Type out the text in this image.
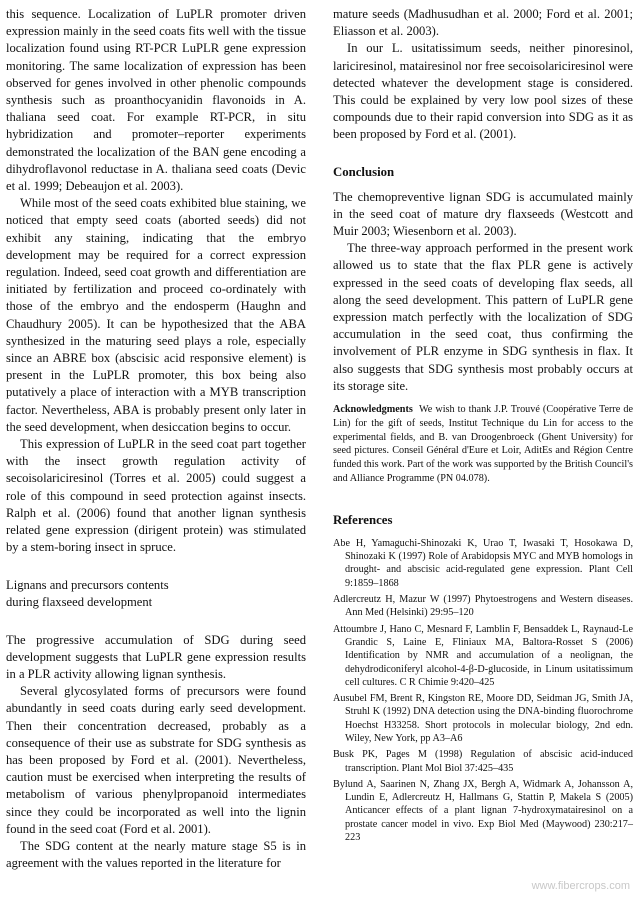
this sequence. Localization of LuPLR promoter driven expression mainly in the seed coats fits well with the tissue localization found using RT-PCR LuPLR gene expression monitoring. The same localization of expression has been observed for genes involved in other phenolic compounds synthesis such as proanthocyanidin flavonoids in A. thaliana seed coat. For example RT-PCR, in situ hybridization and promoter–reporter experiments demonstrated the localization of the BAN gene encoding a dihydroflavonol reductase in A. thaliana seed coats (Devic et al. 1999; Debeaujon et al. 2003).

While most of the seed coats exhibited blue staining, we noticed that empty seed coats (aborted seeds) did not exhibit any staining, indicating that the embryo development may be required for a correct expression regulation. Indeed, seed coat growth and differentiation are initiated by fertilization and proceed co-ordinately with those of the embryo and the endosperm (Haughn and Chaudhury 2005). It can be hypothesized that the ABA synthesized in the maturing seed plays a role, especially since an ABRE box (abscisic acid responsive element) is present in the LuPLR promoter, this box being also putatively a place of interaction with a MYB transcription factor. Nevertheless, ABA is probably present only later in the seed development, when desiccation begins to occur.

This expression of LuPLR in the seed coat part together with the insect growth regulation activity of secoisolariciresinol (Torres et al. 2005) could suggest a role of this compound in seed protection against insects. Ralph et al. (2006) found that another lignan synthesis related gene expression (dirigent protein) was stimulated by a stem-boring insect in spruce.

Lignans and precursors contents

during flaxseed development

The progressive accumulation of SDG during seed development suggests that LuPLR gene expression results in a PLR activity allowing lignan synthesis.

Several glycosylated forms of precursors were found abundantly in seed coats during early seed development. Then their concentration decreased, probably as a consequence of their use as substrate for SDG synthesis as has been proposed by Ford et al. (2001). Nevertheless, caution must be exercised when interpreting the results of metabolism of various phenylpropanoid intermediates since they could be incorporated as well into the lignin found in the seed coat (Ford et al. 2001).

The SDG content at the nearly mature stage S5 is in agreement with the values reported in the literature for

mature seeds (Madhusudhan et al. 2000; Ford et al. 2001; Eliasson et al. 2003).

In our L. usitatissimum seeds, neither pinoresinol, lariciresinol, matairesinol nor free secoisolariciresinol were detected whatever the development stage is considered. This could be explained by very low pool sizes of these compounds due to their rapid conversion into SDG as it as been proposed by Ford et al. (2001).

Conclusion

The chemopreventive lignan SDG is accumulated mainly in the seed coat of mature dry flaxseeds (Westcott and Muir 2003; Wiesenborn et al. 2003).

The three-way approach performed in the present work allowed us to state that the flax PLR gene is actively expressed in the seed coats of developing flax seeds, all along the seed development. This pattern of LuPLR gene expression match perfectly with the localization of SDG accumulation in the seed coat, thus confirming the involvement of PLR enzyme in SDG synthesis in flax. It also suggests that SDG synthesis most probably occurs at its storage site.

Acknowledgments We wish to thank J.P. Trouvé (Coopérative Terre de Lin) for the gift of seeds, Institut Technique du Lin for access to the experimental fields, and B. van Droogenbroeck (Ghent University) for seed pictures. Conseil Général d'Eure et Loir, AditEs and Région Centre funded this work. Part of the work was supported by the British Council's and Alliance Programme (PN 04.078).

References

Abe H, Yamaguchi-Shinozaki K, Urao T, Iwasaki T, Hosokawa D, Shinozaki K (1997) Role of Arabidopsis MYC and MYB homologs in drought- and abscisic acid-regulated gene expression. Plant Cell 9:1859–1868
Adlercreutz H, Mazur W (1997) Phytoestrogens and Western diseases. Ann Med (Helsinki) 29:95–120
Attoumbre J, Hano C, Mesnard F, Lamblin F, Bensaddek L, Raynaud-Le Grandic S, Laine E, Fliniaux MA, Baltora-Rosset S (2006) Identification by NMR and accumulation of a neolignan, the dehydrodiconiferyl alcohol-4-β-D-glucoside, in Linum usitatissimum cell cultures. C R Chimie 9:420–425
Ausubel FM, Brent R, Kingston RE, Moore DD, Seidman JG, Smith JA, Struhl K (1992) DNA detection using the DNA-binding fluorochrome Hoechst H33258. Short protocols in molecular biology, 2nd edn. Wiley, New York, pp A3–A6
Busk PK, Pages M (1998) Regulation of abscisic acid-induced transcription. Plant Mol Biol 37:425–435
Bylund A, Saarinen N, Zhang JX, Bergh A, Widmark A, Johansson A, Lundin E, Adlercreutz H, Hallmans G, Stattin P, Makela S (2005) Anticancer effects of a plant lignan 7-hydroxymatairesinol on a prostate cancer model in vivo. Exp Biol Med (Maywood) 230:217–223
www.fibercrops.com
